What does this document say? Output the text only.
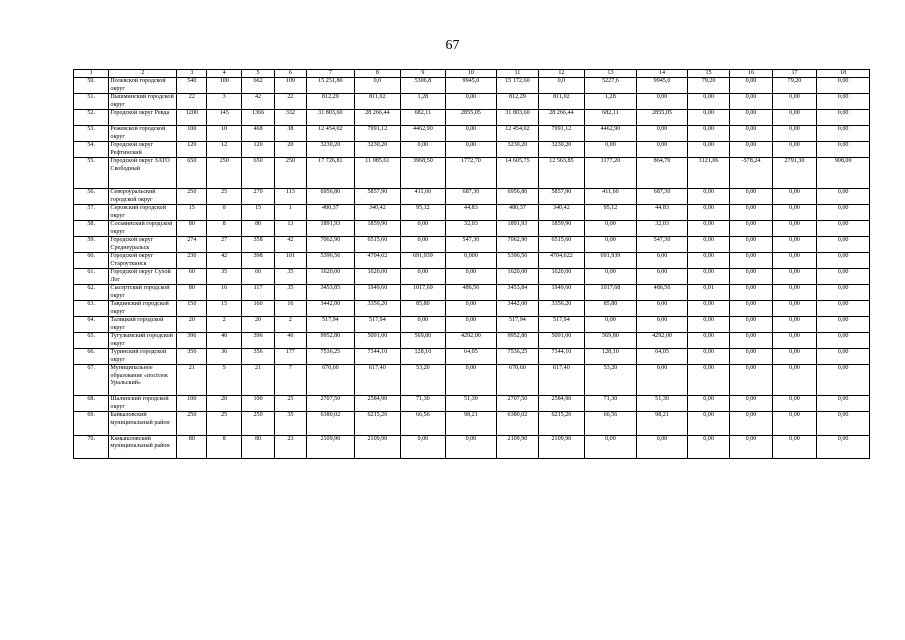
67
1	2	3	4	5	6	7	8	9	10	11	12	13	14	15	16	17	18
50.	Полевской городской округ	540	100	662	109	15 251,80	0,0	5306,8	9945,0	15 172,60	0,0	5227,6	9945,0	79,20	0,00	79,20	0,00
51.	Пышминский городской округ	22	3	42	22	812,29	811,02	1,28	0,00	812,29	811,02	1,28	0,00	0,00	0,00	0,00	0,00
52.	Городской округ Ревда	1200	145	1366	332	31 803,60	28 266,44	682,11	2855,05	31 803,60	28 266,44	682,11	2855,05	0,00	0,00	0,00	0,00
53.	Режевской городской округ	100	10	468	38	12 454,02	7991,12	4462,90	0,00	12 454,02	7991,12	4462,90	0,00	0,00	0,00	0,00	0,00
54.	Городской округ Рефтинский	120	12	120	20	3230,20	3230,20	0,00	0,00	3230,20	3230,20	0,00	0,00	0,00	0,00	0,00	0,00
55.	Городской округ ЗАТО Свободный	650	250	650	250	17 726,81	11 985,61	3968,50	1772,70	14 605,75	12 563,85	1177,20	864,70	3121,06	-578,24	2791,30	908,00
56.	Североуральский городской округ	250	25	270	113	6956,80	5857,90	411,60	687,30	6956,80	5857,90	411,60	687,30	0,00	0,00	0,00	0,00
57.	Серовский городской округ	15	0	15	1	480,37	340,42	95,12	44,83	480,37	340,42	95,12	44,83	0,00	0,00	0,00	0,00
58.	Сосьвинский городской округ	80	8	80	13	1891,93	1859,90	0,00	32,03	1891,93	1859,90	0,00	32,03	0,00	0,00	0,00	0,00
59.	Городской округ Среднеуральск	274	27	358	42	7062,90	6515,60	0,00	547,30	7062,90	6515,60	0,00	547,30	0,00	0,00	0,00	0,00
60.	Городской округ Староуткинск	230	42	398	101	5396,56	4704,62	691,939	0,000	5396,56	4704,622	691,939	0,00	0,00	0,00	0,00	0,00
61.	Городской округ Сухой Лог	60	35	60	35	1620,00	1620,00	0,00	0,00	1620,00	1620,00	0,00	0,00	0,00	0,00	0,00	0,00
62.	Сысертский городской округ	80	16	117	35	3453,85	1949,60	1017,69	486,56	3453,84	1949,60	1017,68	486,56	0,01	0,00	0,00	0,00
63.	Тавдинский городской округ	150	15	160	16	3442,00	3356,20	85,80	0,00	3442,00	3356,20	85,80	0,00	0,00	0,00	0,00	0,00
64.	Талицкий городской округ	20	2	20	2	517,94	517,94	0,00	0,00	517,94	517,94	0,00	0,00	0,00	0,00	0,00	0,00
65.	Тугулымский городской округ	396	40	396	40	9952,80	5091,00	569,80	4292,00	9952,80	5091,00	569,80	4292,00	0,00	0,00	0,00	0,00
66.	Туринский городской округ	356	36	356	177	7536,25	7344,10	128,10	64,05	7536,25	7344,10	128,10	64,05	0,00	0,00	0,00	0,00
67.	Муниципальное образование «посёлок Уральский»	21	5	21	7	670,60	617,40	53,20	0,00	670,60	617,40	53,20	0,00	0,00	0,00	0,00	0,00
68.	Шалинский городской округ	100	20	100	25	2707,50	2584,90	71,30	51,30	2707,50	2584,90	71,30	51,30	0,00	0,00	0,00	0,00
69.	Байкаловский муниципальный район	250	25	250	35	6380,02	6215,26	66,56	98,21	6380,02	6215,26	66,56	98,21	0,00	0,00	0,00	0,00
70.	Камышловский муниципальный район	80	8	80	23	2109,90	2109,90	0,00	0,00	2109,90	2109,90	0,00	0,00	0,00	0,00	0,00	0,00
